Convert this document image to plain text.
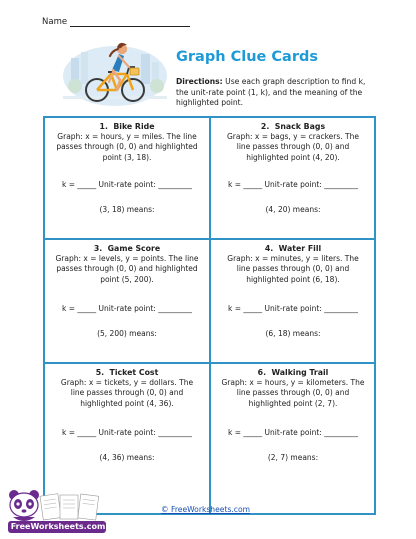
Name
Graph Clue Cards
Directions: Use each graph description to find k, the unit-rate point (1, k), and the meaning of the highlighted point.
1. Bike Ride
Graph: x = hours, y = miles. The line passes through (0, 0) and highlighted point (3, 18).
k = _____ Unit-rate point: _________
(3, 18) means:
2. Snack Bags
Graph: x = bags, y = crackers. The line passes through (0, 0) and highlighted point (4, 20).
k = _____ Unit-rate point: _________
(4, 20) means:
3. Game Score
Graph: x = levels, y = points. The line passes through (0, 0) and highlighted point (5, 200).
k = _____ Unit-rate point: _________
(5, 200) means:
4. Water Fill
Graph: x = minutes, y = liters. The line passes through (0, 0) and highlighted point (6, 18).
k = _____ Unit-rate point: _________
(6, 18) means:
5. Ticket Cost
Graph: x = tickets, y = dollars. The line passes through (0, 0) and highlighted point (4, 36).
k = _____ Unit-rate point: _________
(4, 36) means:
6. Walking Trail
Graph: x = hours, y = kilometers. The line passes through (0, 0) and highlighted point (2, 7).
k = _____ Unit-rate point: _________
(2, 7) means:
© FreeWorksheets.com
FreeWorksheets.com
